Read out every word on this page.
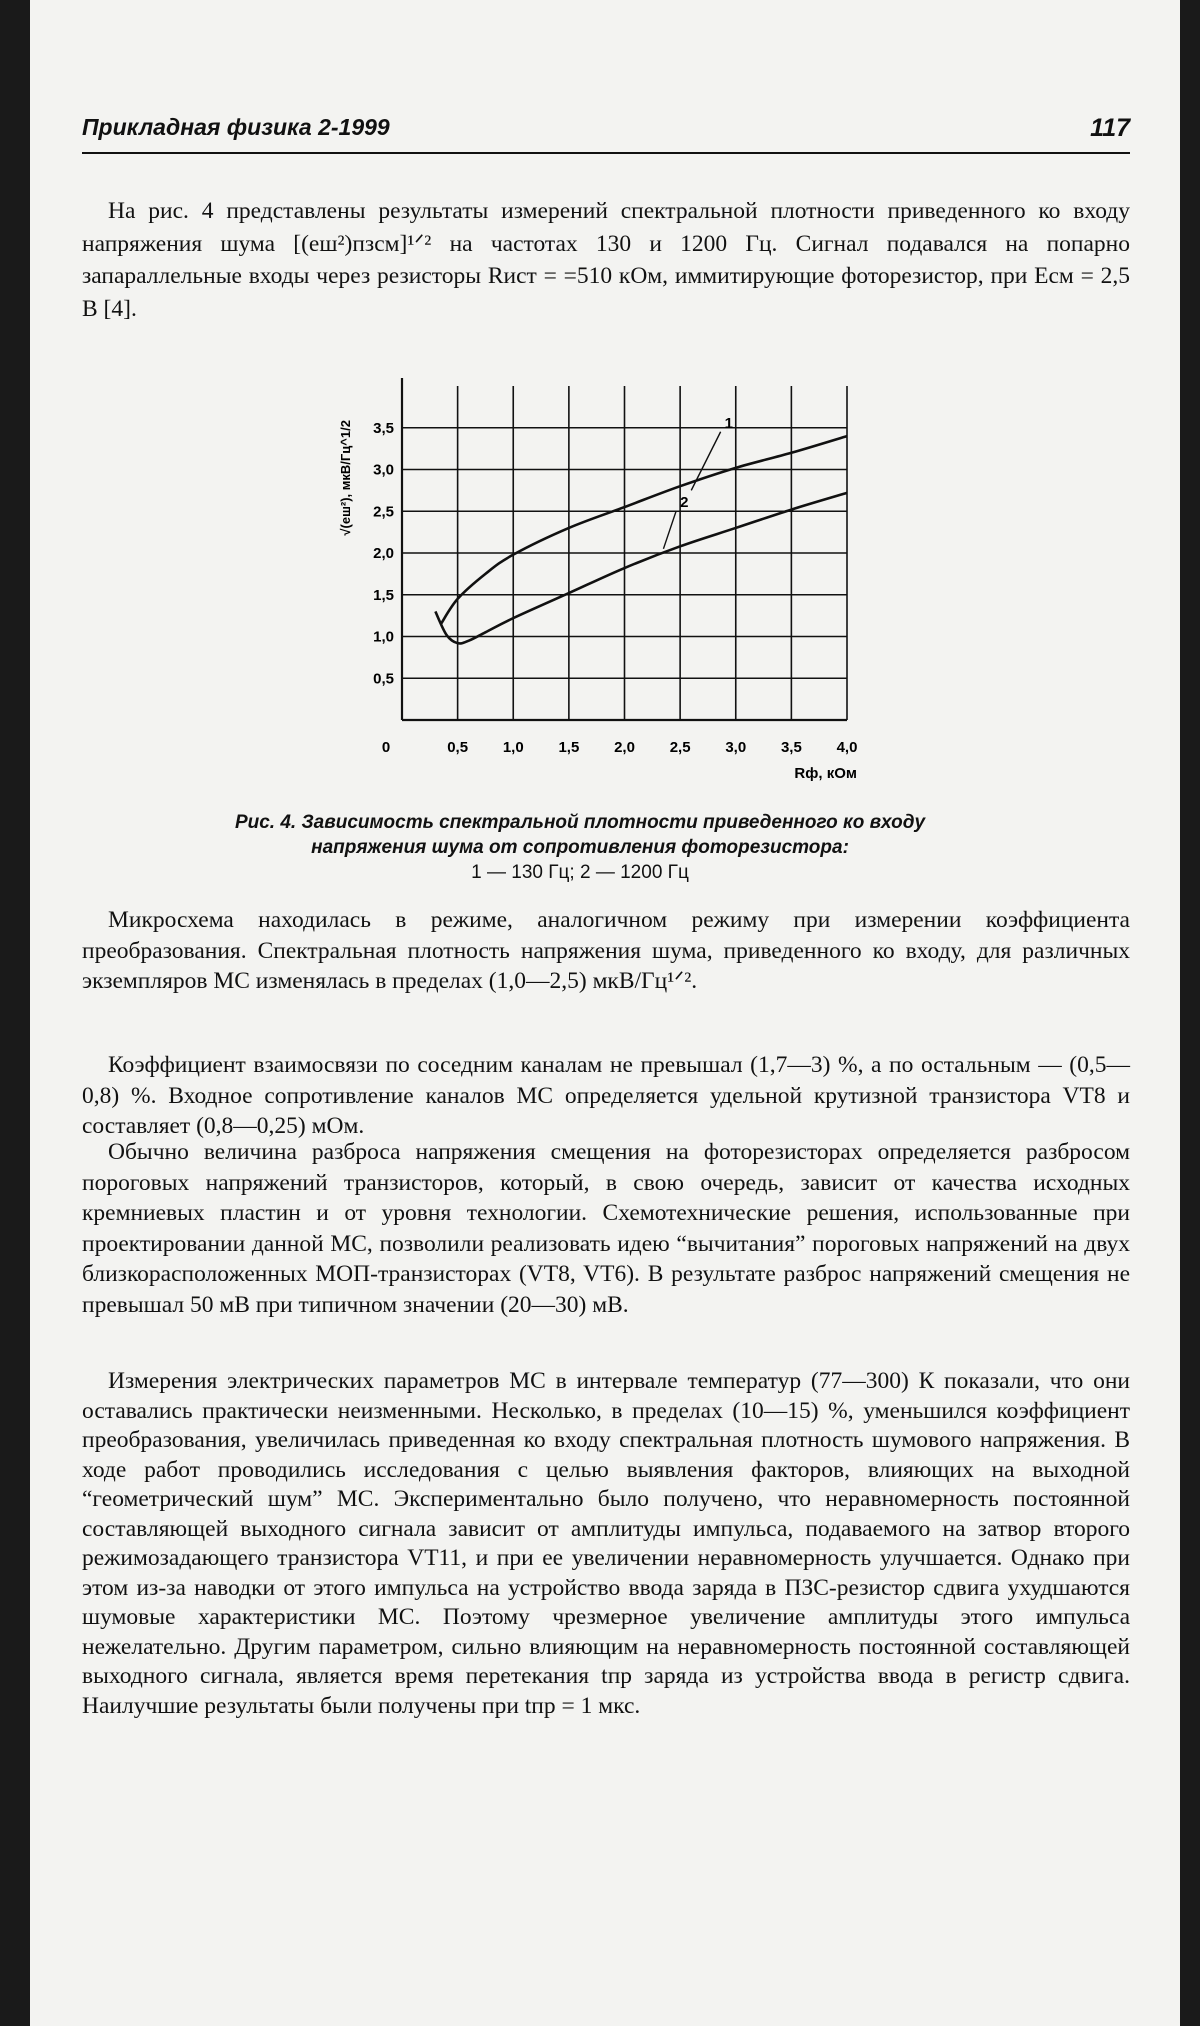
Прикладная физика 2-1999	117

На рис. 4 представлены результаты измерений спектральной плотности приведенного ко входу напряжения шума [(eш²)пзсм]¹ᐟ² на частотах 130 и 1200 Гц. Сигнал подавался на попарно запараллельные входы через резисторы Rист = =510 кОм, иммитирующие фоторезистор, при Eсм = 2,5 В [4].

1
2
0	0,5 1,0 1,5 2,0 2,5 3,0 3,5 4,0
0,5
1,0
1,5
2,0
2,5
3,0
3,5
Rф, кОм
√(eш²), мкВ/Гц^1/2
Рис. 4. Зависимость спектральной плотности приведенного ко входу напряжения шума от сопротивления фоторезистора:
1 — 130 Гц; 2 — 1200 Гц

Микросхема находилась в режиме, аналогичном режиму при измерении коэффициента преобразования. Спектральная плотность напряжения шума, приведенного ко входу, для различных экземпляров МС изменялась в пределах (1,0—2,5) мкВ/Гц¹ᐟ².

Коэффициент взаимосвязи по соседним каналам не превышал (1,7—3) %, а по остальным — (0,5—0,8) %. Входное сопротивление каналов МС определяется удельной крутизной транзистора VT8 и составляет (0,8—0,25) мОм.

Обычно величина разброса напряжения смещения на фоторезисторах определяется разбросом пороговых напряжений транзисторов, который, в свою очередь, зависит от качества исходных кремниевых пластин и от уровня технологии. Схемотехнические решения, использованные при проектировании данной МС, позволили реализовать идею “вычитания” пороговых напряжений на двух близкорасположенных МОП-транзисторах (VT8, VT6). В результате разброс напряжений смещения не превышал 50 мВ при типичном значении (20—30) мВ.

Измерения электрических параметров МС в интервале температур (77—300) К показали, что они оставались практически неизменными. Несколько, в пределах (10—15) %, уменьшился коэффициент преобразования, увеличилась приведенная ко входу спектральная плотность шумового напряжения. В ходе работ проводились исследования с целью выявления факторов, влияющих на выходной “геометрический шум” МС. Экспериментально было получено, что неравномерность постоянной составляющей выходного сигнала зависит от амплитуды импульса, подаваемого на затвор второго режимозадающего транзистора VT11, и при ее увеличении неравномерность улучшается. Однако при этом из-за наводки от этого импульса на устройство ввода заряда в ПЗС-резистор сдвига ухудшаются шумовые характеристики МС. Поэтому чрезмерное увеличение амплитуды этого импульса нежелательно. Другим параметром, сильно влияющим на неравномерность постоянной составляющей выходного сигнала, является время перетекания tпр заряда из устройства ввода в регистр сдвига. Наилучшие результаты были получены при tпр = 1 мкс.
